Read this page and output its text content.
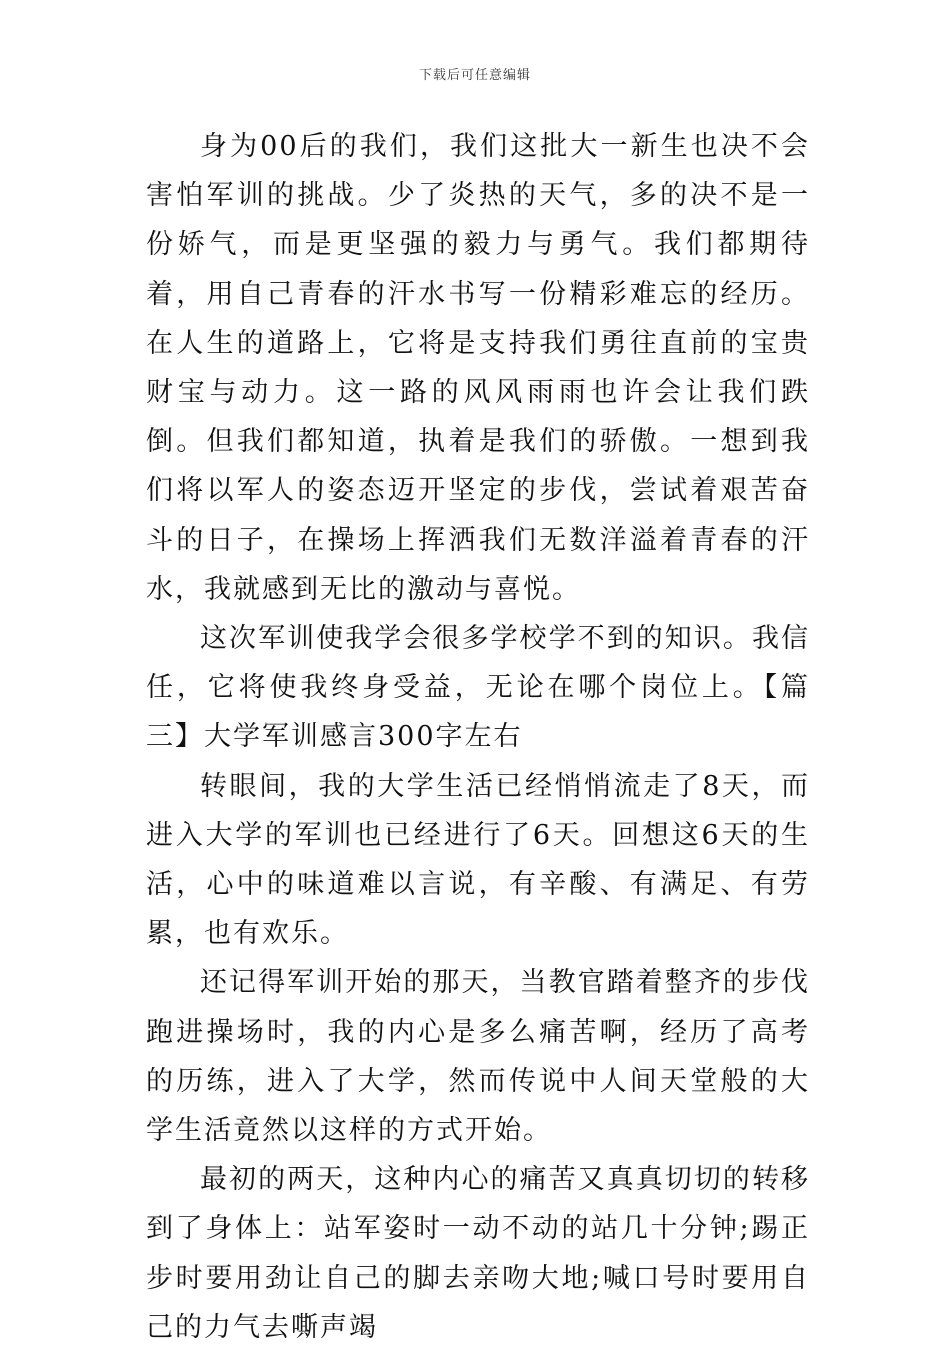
下载后可任意编辑

身为00后的我们，我们这批大一新生也决不会害怕军训的挑战。少了炎热的天气，多的决不是一份娇气，而是更坚强的毅力与勇气。我们都期待着，用自己青春的汗水书写一份精彩难忘的经历。在人生的道路上，它将是支持我们勇往直前的宝贵财宝与动力。这一路的风风雨雨也许会让我们跌倒。但我们都知道，执着是我们的骄傲。一想到我们将以军人的姿态迈开坚定的步伐，尝试着艰苦奋斗的日子，在操场上挥洒我们无数洋溢着青春的汗水，我就感到无比的激动与喜悦。

这次军训使我学会很多学校学不到的知识。我信任，它将使我终身受益，无论在哪个岗位上。【篇三】大学军训感言300字左右

转眼间，我的大学生活已经悄悄流走了8天，而进入大学的军训也已经进行了6天。回想这6天的生活，心中的味道难以言说，有辛酸、有满足、有劳累，也有欢乐。

还记得军训开始的那天，当教官踏着整齐的步伐跑进操场时，我的内心是多么痛苦啊，经历了高考的历练，进入了大学，然而传说中人间天堂般的大学生活竟然以这样的方式开始。

最初的两天，这种内心的痛苦又真真切切的转移到了身体上：站军姿时一动不动的站几十分钟;踢正步时要用劲让自己的脚去亲吻大地;喊口号时要用自己的力气去嘶声竭
